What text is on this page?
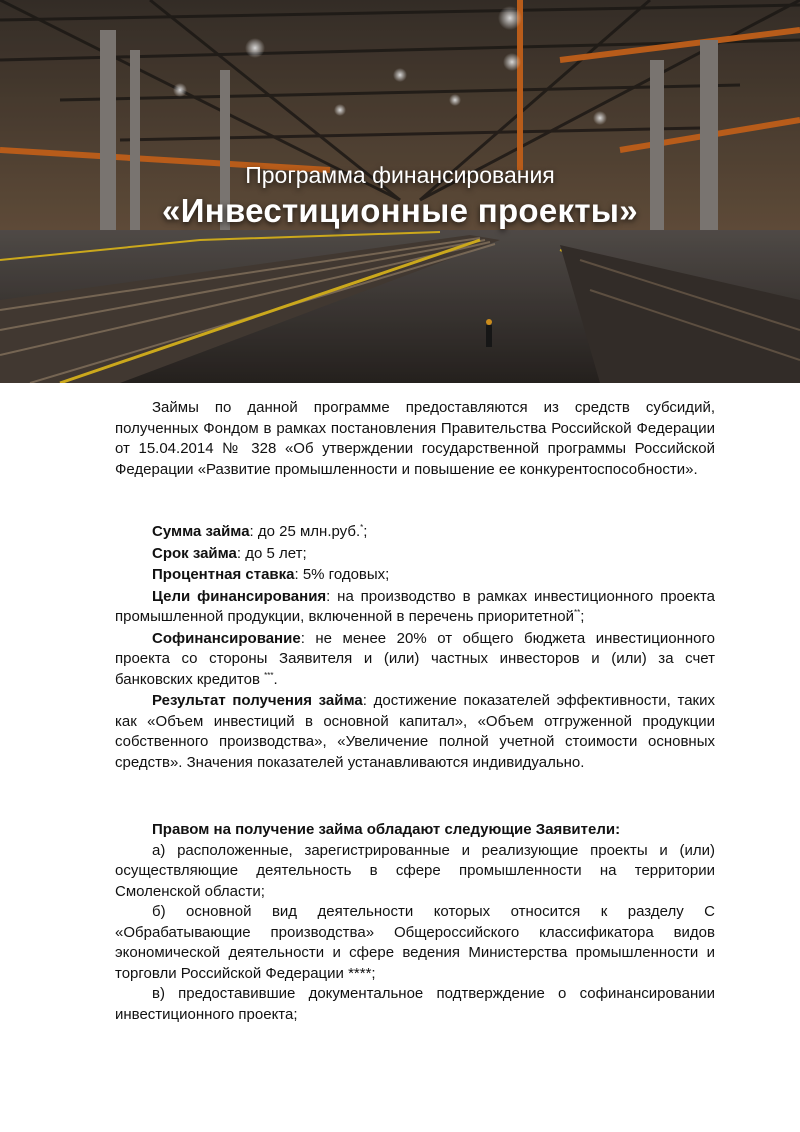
Программа финансирования
«Инвестиционные проекты»

Займы по данной программе предоставляются из средств субсидий, полученных Фондом в рамках постановления Правительства Российской Федерации от 15.04.2014 № 328 «Об утверждении государственной программы Российской Федерации «Развитие промышленности и повышение ее конкурентоспособности».

Сумма займа: до 25 млн.руб.*;

Срок займа: до 5 лет;

Процентная ставка: 5% годовых;

Цели финансирования: на производство в рамках инвестиционного проекта промышленной продукции, включенной в перечень приоритетной**;

Софинансирование: не менее 20% от общего бюджета инвестиционного проекта со стороны Заявителя и (или) частных инвесторов и (или) за счет банковских кредитов ***.

Результат получения займа: достижение показателей эффективности, таких как «Объем инвестиций в основной капитал», «Объем отгруженной продукции собственного производства», «Увеличение полной учетной стоимости основных средств». Значения показателей устанавливаются индивидуально.

Правом на получение займа обладают следующие Заявители:

а) расположенные, зарегистрированные и реализующие проекты и (или) осуществляющие деятельность в сфере промышленности на территории Смоленской области;

б) основной вид деятельности которых относится к разделу С «Обрабатывающие производства» Общероссийского классификатора видов экономической деятельности и сфере ведения Министерства промышленности и торговли Российской Федерации ****;

в) предоставившие документальное подтверждение о софинансировании инвестиционного проекта;
